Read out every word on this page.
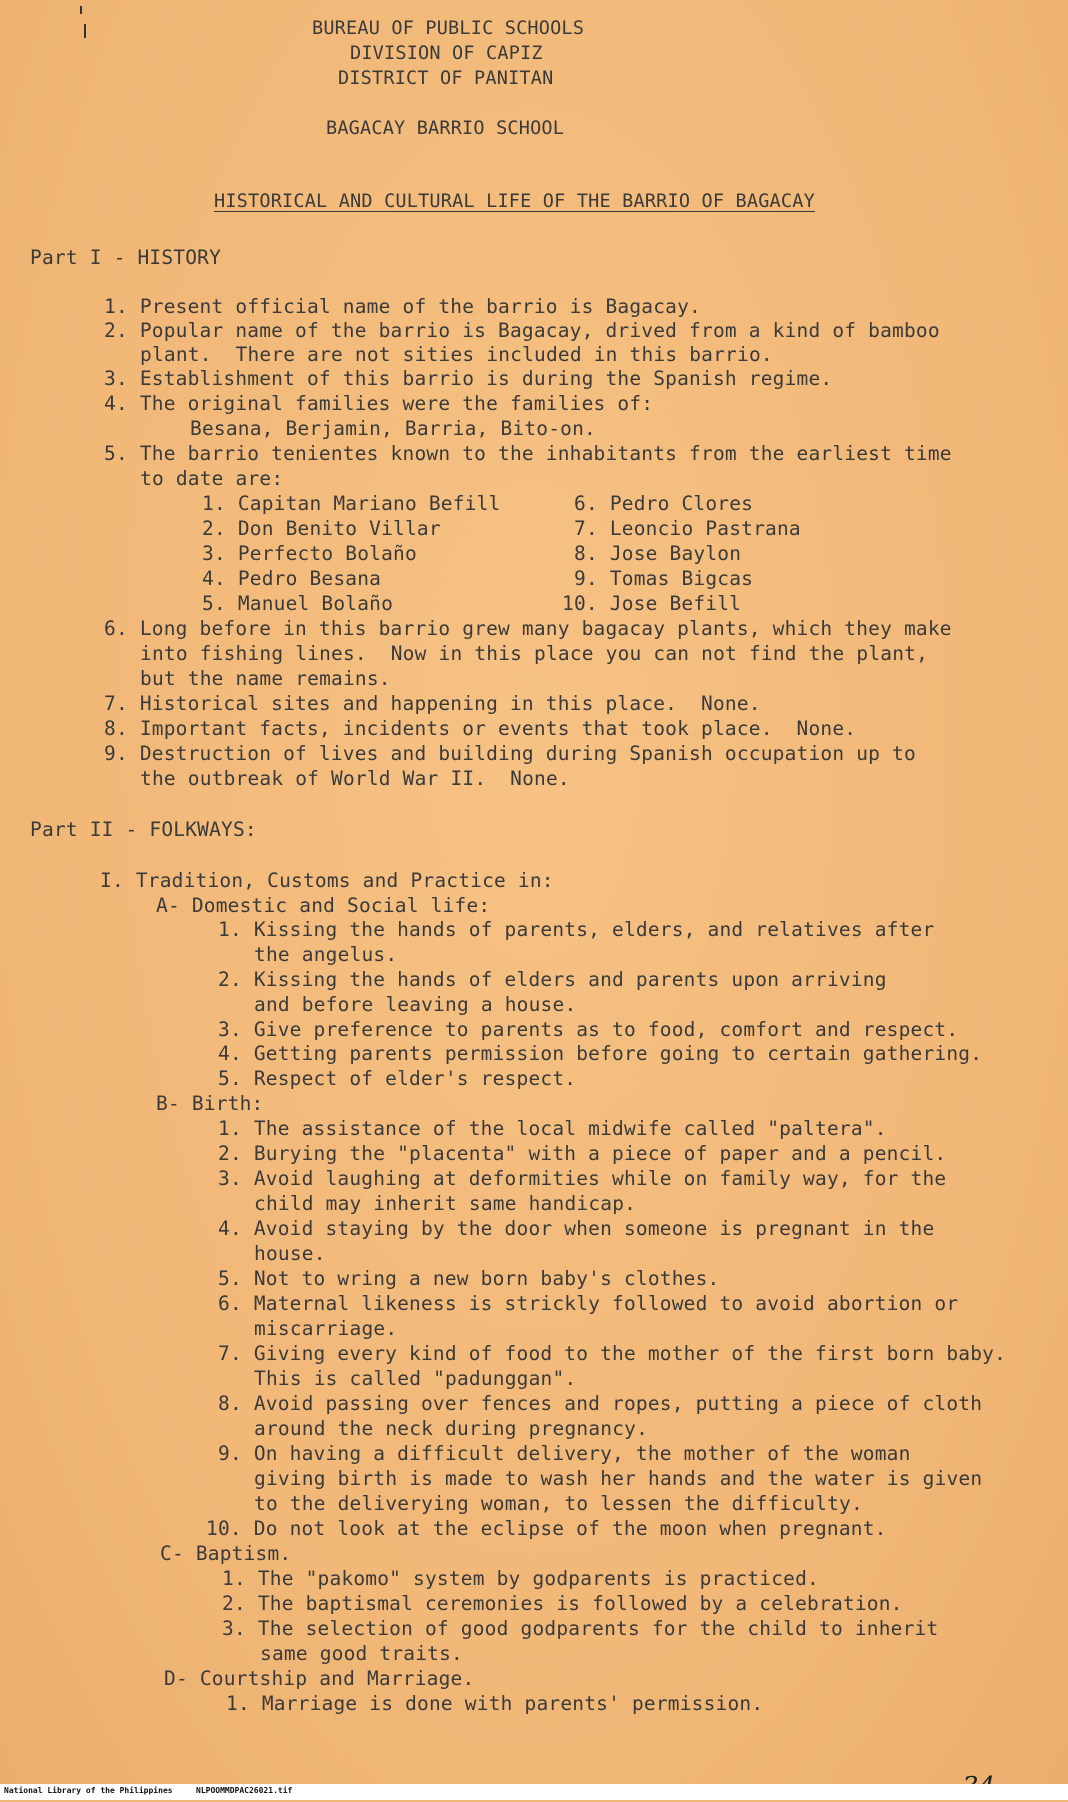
BUREAU OF PUBLIC SCHOOLS
DIVISION OF CAPIZ
DISTRICT OF PANITAN
BAGACAY BARRIO SCHOOL
HISTORICAL AND CULTURAL LIFE OF THE BARRIO OF BAGACAY
Part I - HISTORY
1. Present official name of the barrio is Bagacay.
2. Popular name of the barrio is Bagacay, drived from a kind of bamboo
plant.  There are not sities included in this barrio.
3. Establishment of this barrio is during the Spanish regime.
4. The original families were the families of:
Besana, Berjamin, Barria, Bito-on.
5. The barrio tenientes known to the inhabitants from the earliest time
to date are:
1. Capitan Mariano Befill
2. Don Benito Villar
3. Perfecto Bolaño
4. Pedro Besana
5. Manuel Bolaño
6. Pedro Clores
7. Leoncio Pastrana
8. Jose Baylon
9. Tomas Bigcas
10. Jose Befill
6. Long before in this barrio grew many bagacay plants, which they make
into fishing lines.  Now in this place you can not find the plant,
but the name remains.
7. Historical sites and happening in this place.  None.
8. Important facts, incidents or events that took place.  None.
9. Destruction of lives and building during Spanish occupation up to
the outbreak of World War II.  None.
Part II - FOLKWAYS:
I. Tradition, Customs and Practice in:
A- Domestic and Social life:
1. Kissing the hands of parents, elders, and relatives after
the angelus.
2. Kissing the hands of elders and parents upon arriving
and before leaving a house.
3. Give preference to parents as to food, comfort and respect.
4. Getting parents permission before going to certain gathering.
5. Respect of elder's respect.
B- Birth:
1. The assistance of the local midwife called "paltera".
2. Burying the "placenta" with a piece of paper and a pencil.
3. Avoid laughing at deformities while on family way, for the
child may inherit same handicap.
4. Avoid staying by the door when someone is pregnant in the
house.
5. Not to wring a new born baby's clothes.
6. Maternal likeness is strickly followed to avoid abortion or
miscarriage.
7. Giving every kind of food to the mother of the first born baby.
This is called "padunggan".
8. Avoid passing over fences and ropes, putting a piece of cloth
around the neck during pregnancy.
9. On having a difficult delivery, the mother of the woman
giving birth is made to wash her hands and the water is given
to the deliverying woman, to lessen the difficulty.
10. Do not look at the eclipse of the moon when pregnant.
C- Baptism.
1. The "pakomo" system by godparents is practiced.
2. The baptismal ceremonies is followed by a celebration.
3. The selection of good godparents for the child to inherit
same good traits.
D- Courtship and Marriage.
1. Marriage is done with parents' permission.
National Library of the Philippines	NLPOOMMDPAC26021.tif
